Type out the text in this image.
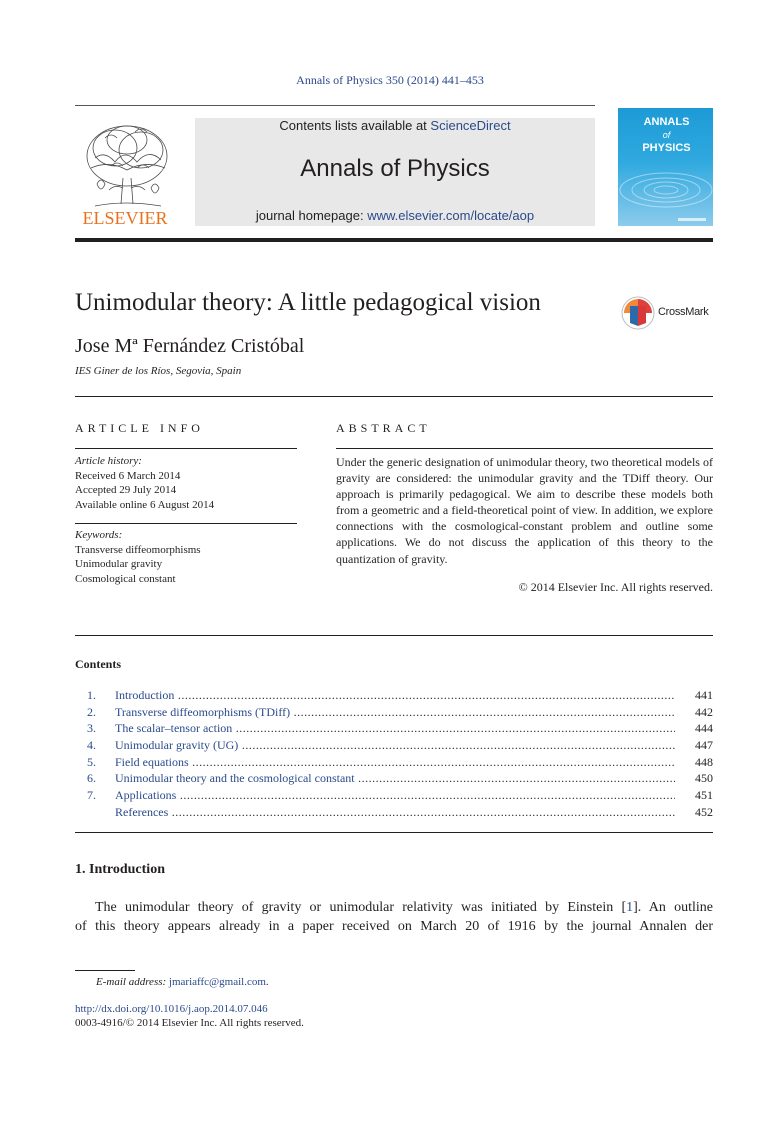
Annals of Physics 350 (2014) 441–453
ELSEVIER
Contents lists available at ScienceDirect
Annals of Physics
journal homepage: www.elsevier.com/locate/aop
ANNALS
of
PHYSICS
Unimodular theory: A little pedagogical vision	CrossMark
Jose Mª Fernández Cristóbal
IES Giner de los Ríos, Segovia, Spain
ARTICLE INFO	ABSTRACT
Article history:
Received 6 March 2014
Accepted 29 July 2014
Available online 6 August 2014
Keywords:
Transverse diffeomorphisms
Unimodular gravity
Cosmological constant
Under the generic designation of unimodular theory, two theoretical models of gravity are considered: the unimodular gravity and the TDiff theory. Our approach is primarily pedagogical. We aim to describe these models both from a geometric and a field-theoretical point of view. In addition, we explore connections with the cosmological-constant problem and outline some applications. We do not discuss the application of this theory to the quantization of gravity.
© 2014 Elsevier Inc. All rights reserved.
Contents
1. Introduction .....	441
2. Transverse diffeomorphisms (TDiff) .....	442
3. The scalar–tensor action .....	444
4. Unimodular gravity (UG) .....	447
5. Field equations .....	448
6. Unimodular theory and the cosmological constant .....	450
7. Applications .....	451
References .....	452
1. Introduction
The unimodular theory of gravity or unimodular relativity was initiated by Einstein [1]. An outline
of this theory appears already in a paper received on March 20 of 1916 by the journal Annalen der
E-mail address: jmariaffc@gmail.com.
http://dx.doi.org/10.1016/j.aop.2014.07.046
0003-4916/© 2014 Elsevier Inc. All rights reserved.
